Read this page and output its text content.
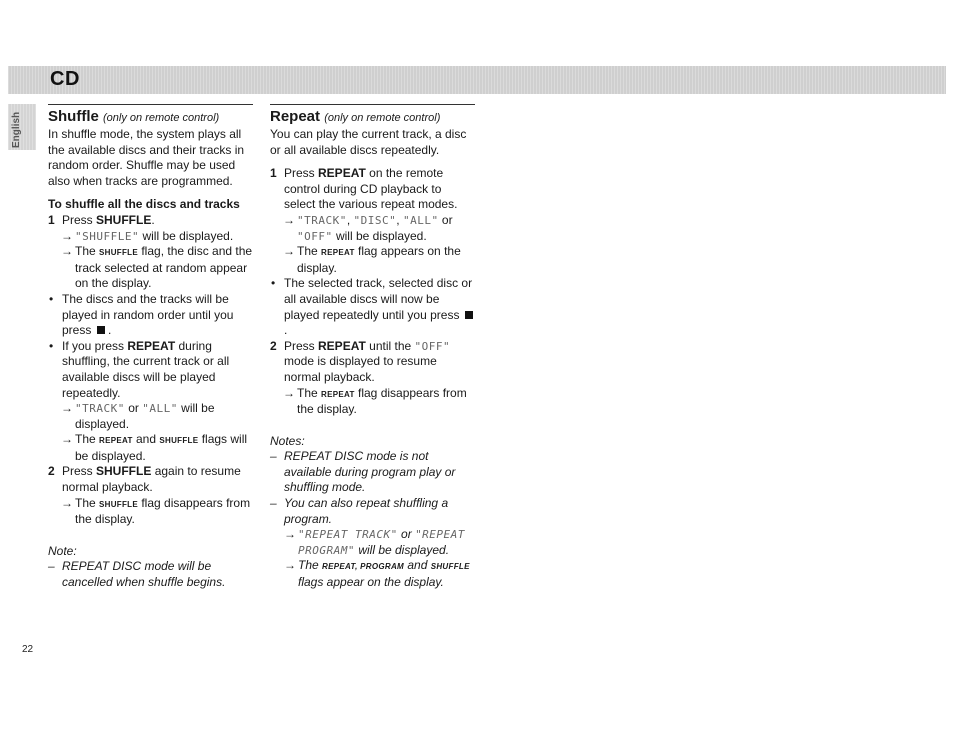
CD
English Shuffle (only on remote control)

In shuffle mode, the system plays all the available discs and their tracks in random order. Shuffle may be used also when tracks are programmed.

To shuffle all the discs and tracks

1 Press SHUFFLE.
→ "SHUFFLE" will be displayed.
→ The SHUFFLE flag, the disc and the track selected at random appear on the display.
• The discs and the tracks will be played in random order until you press  .
• If you press REPEAT during shuffling, the current track or all available discs will be played repeatedly.
→ "TRACK" or "ALL" will be displayed.
→ The REPEAT and SHUFFLE flags will be displayed.
2 Press SHUFFLE again to resume normal playback.
→ The SHUFFLE flag disappears from the display.

Note:

– REPEAT DISC mode will be cancelled when shuffle begins.
Repeat (only on remote control)

You can play the current track, a disc or all available discs repeatedly.

1 Press REPEAT on the remote control during CD playback to select the various repeat modes.
→ "TRACK", "DISC", "ALL" or "OFF" will be displayed.
→ The REPEAT flag appears on the display.
• The selected track, selected disc or all available discs will now be played repeatedly until you press  .
2 Press REPEAT until the "OFF" mode is displayed to resume normal playback.
→ The REPEAT flag disappears from the display.

Notes:

– REPEAT DISC mode is not available during program play or shuffling mode.
– You can also repeat shuffling a program.
→ "REPEAT TRACK" or "REPEAT PROGRAM" will be displayed.
→ The REPEAT, PROGRAM and SHUFFLE flags appear on the display.
22
